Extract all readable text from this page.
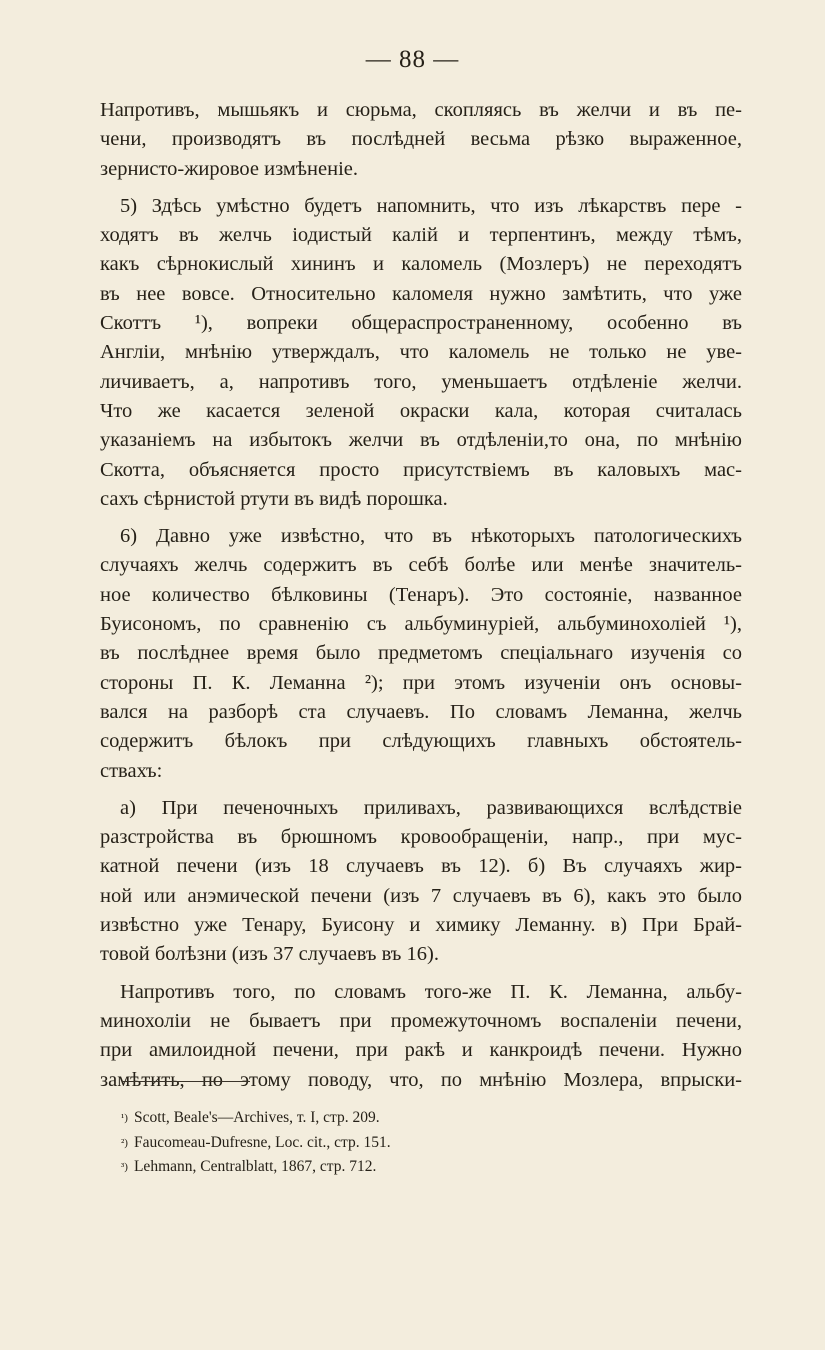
— 88 —
Напротивъ, мышьякъ и сюрьма, скопляясь въ желчи и въ пе-
чени, производятъ въ послѣдней весьма рѣзко выраженное,
зернисто-жировое измѣненіе.
5) Здѣсь умѣстно будетъ напомнить, что изъ лѣкарствъ пере -
ходятъ въ желчь іодистый калій и терпентинъ, между тѣмъ,
какъ сѣрнокислый хининъ и каломель (Мозлеръ) не переходятъ
въ нее вовсе. Относительно каломеля нужно замѣтить, что уже
Скоттъ ¹), вопреки общераспространенному, особенно въ
Англіи, мнѣнію утверждалъ, что каломель не только не уве-
личиваетъ, а, напротивъ того, уменьшаетъ отдѣленіе желчи.
Что же касается зеленой окраски кала, которая считалась
указаніемъ на избытокъ желчи въ отдѣленіи,то она, по мнѣнію
Скотта, объясняется просто присутствіемъ въ каловыхъ мас-
сахъ сѣрнистой ртути въ видѣ порошка.
6) Давно уже извѣстно, что въ нѣкоторыхъ патологическихъ
случаяхъ желчь содержитъ въ себѣ болѣе или менѣе значитель-
ное количество бѣлковины (Тенаръ). Это состояніе, названное
Буисономъ, по сравненію съ альбуминуріей, альбуминохоліей ¹),
въ послѣднее время было предметомъ спеціальнаго изученія со
стороны П. К. Леманна ²); при этомъ изученіи онъ основы-
вался на разборѣ ста случаевъ. По словамъ Леманна, желчь
содержитъ бѣлокъ при слѣдующихъ главныхъ обстоятель-
ствахъ:
а) При печеночныхъ приливахъ, развивающихся вслѣдствіе
разстройства въ брюшномъ кровообращеніи, напр., при мус-
катной печени (изъ 18 случаевъ въ 12). б) Въ случаяхъ жир-
ной или анэмической печени (изъ 7 случаевъ въ 6), какъ это было
извѣстно уже Тенару, Буисону и химику Леманну. в) При Брай-
товой болѣзни (изъ 37 случаевъ въ 16).
Напротивъ того, по словамъ того-же П. К. Леманна, альбу-
минохоліи не бываетъ при промежуточномъ воспаленіи печени,
при амилоидной печени, при ракѣ и канкроидѣ печени. Нужно
замѣтить, по этому поводу, что, по мнѣнію Мозлера, впрыски-
$^{^1)}$ Scott, Beale's—Archives, т. I, стр. 209.
$^{^2)}$ Faucomeau-Dufresne, Loc. cit., стр. 151.
$^{^3)}$ Lehmann, Centralblatt, 1867, стр. 712.
